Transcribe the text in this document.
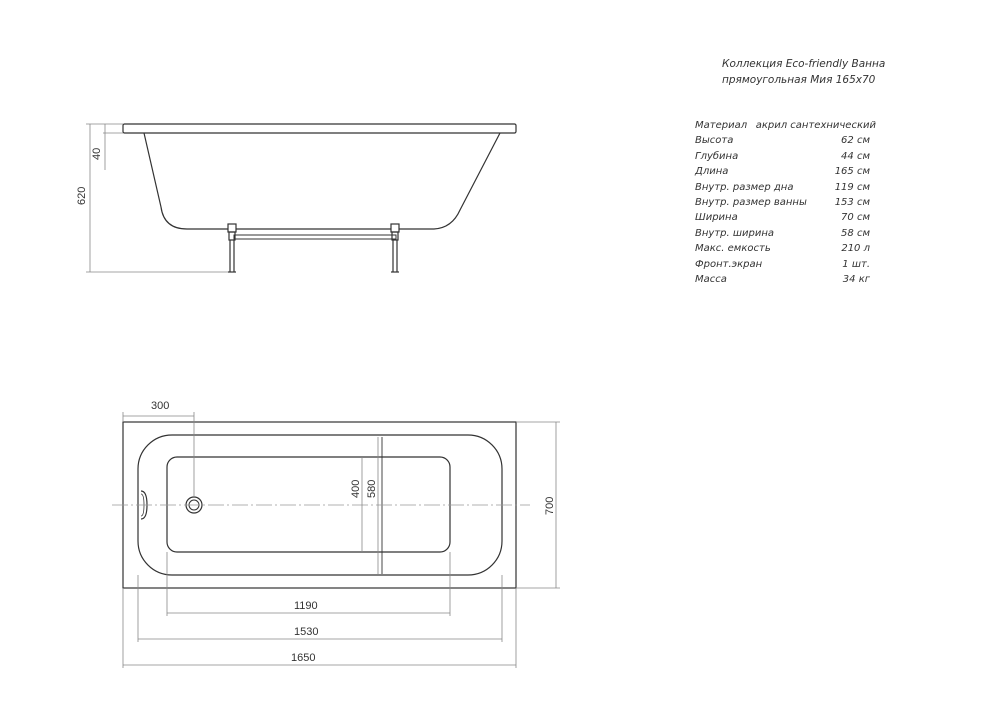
40
620
300
400 580
700
1190
1530
1650
Коллекция Eco-friendly Ванна
прямоугольная Мия 165х70
Материал акрил сантехнический
Высота	62 см
Глубина	44 см
Длина	165 см
Внутр. размер дна	119 см
Внутр. размер ванны	153 см
Ширина	70 см
Внутр. ширина	58 см
Макс. емкость	210 л
Фронт.экран	1 шт.
Масса	34 кг
